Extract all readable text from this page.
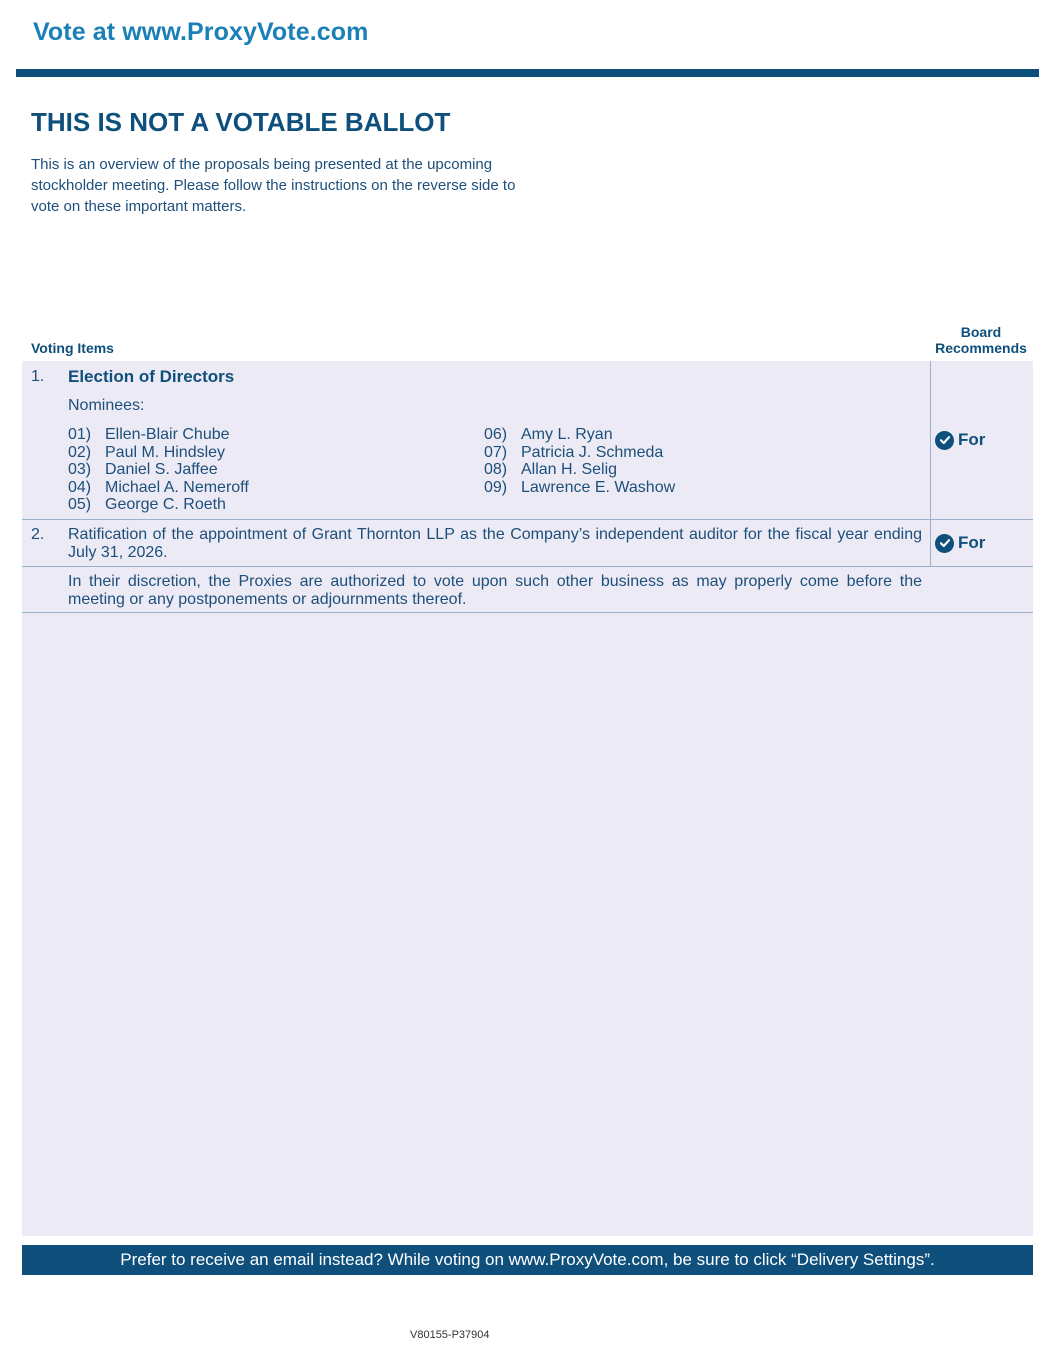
Vote at www.ProxyVote.com
THIS IS NOT A VOTABLE BALLOT
This is an overview of the proposals being presented at the upcoming stockholder meeting. Please follow the instructions on the reverse side to vote on these important matters.
Voting Items
Board
Recommends
1. Election of Directors
Nominees:
01) Ellen-Blair Chube
02) Paul M. Hindsley
03) Daniel S. Jaffee
04) Michael A. Nemeroff
05) George C. Roeth
06) Amy L. Ryan
07) Patricia J. Schmeda
08) Allan H. Selig
09) Lawrence E. Washow
For
2. Ratification of the appointment of Grant Thornton LLP as the Company’s independent auditor for the fiscal year ending July 31, 2026.
For
In their discretion, the Proxies are authorized to vote upon such other business as may properly come before the meeting or any postponements or adjournments thereof.
Prefer to receive an email instead? While voting on www.ProxyVote.com, be sure to click “Delivery Settings”.
V80155-P37904
